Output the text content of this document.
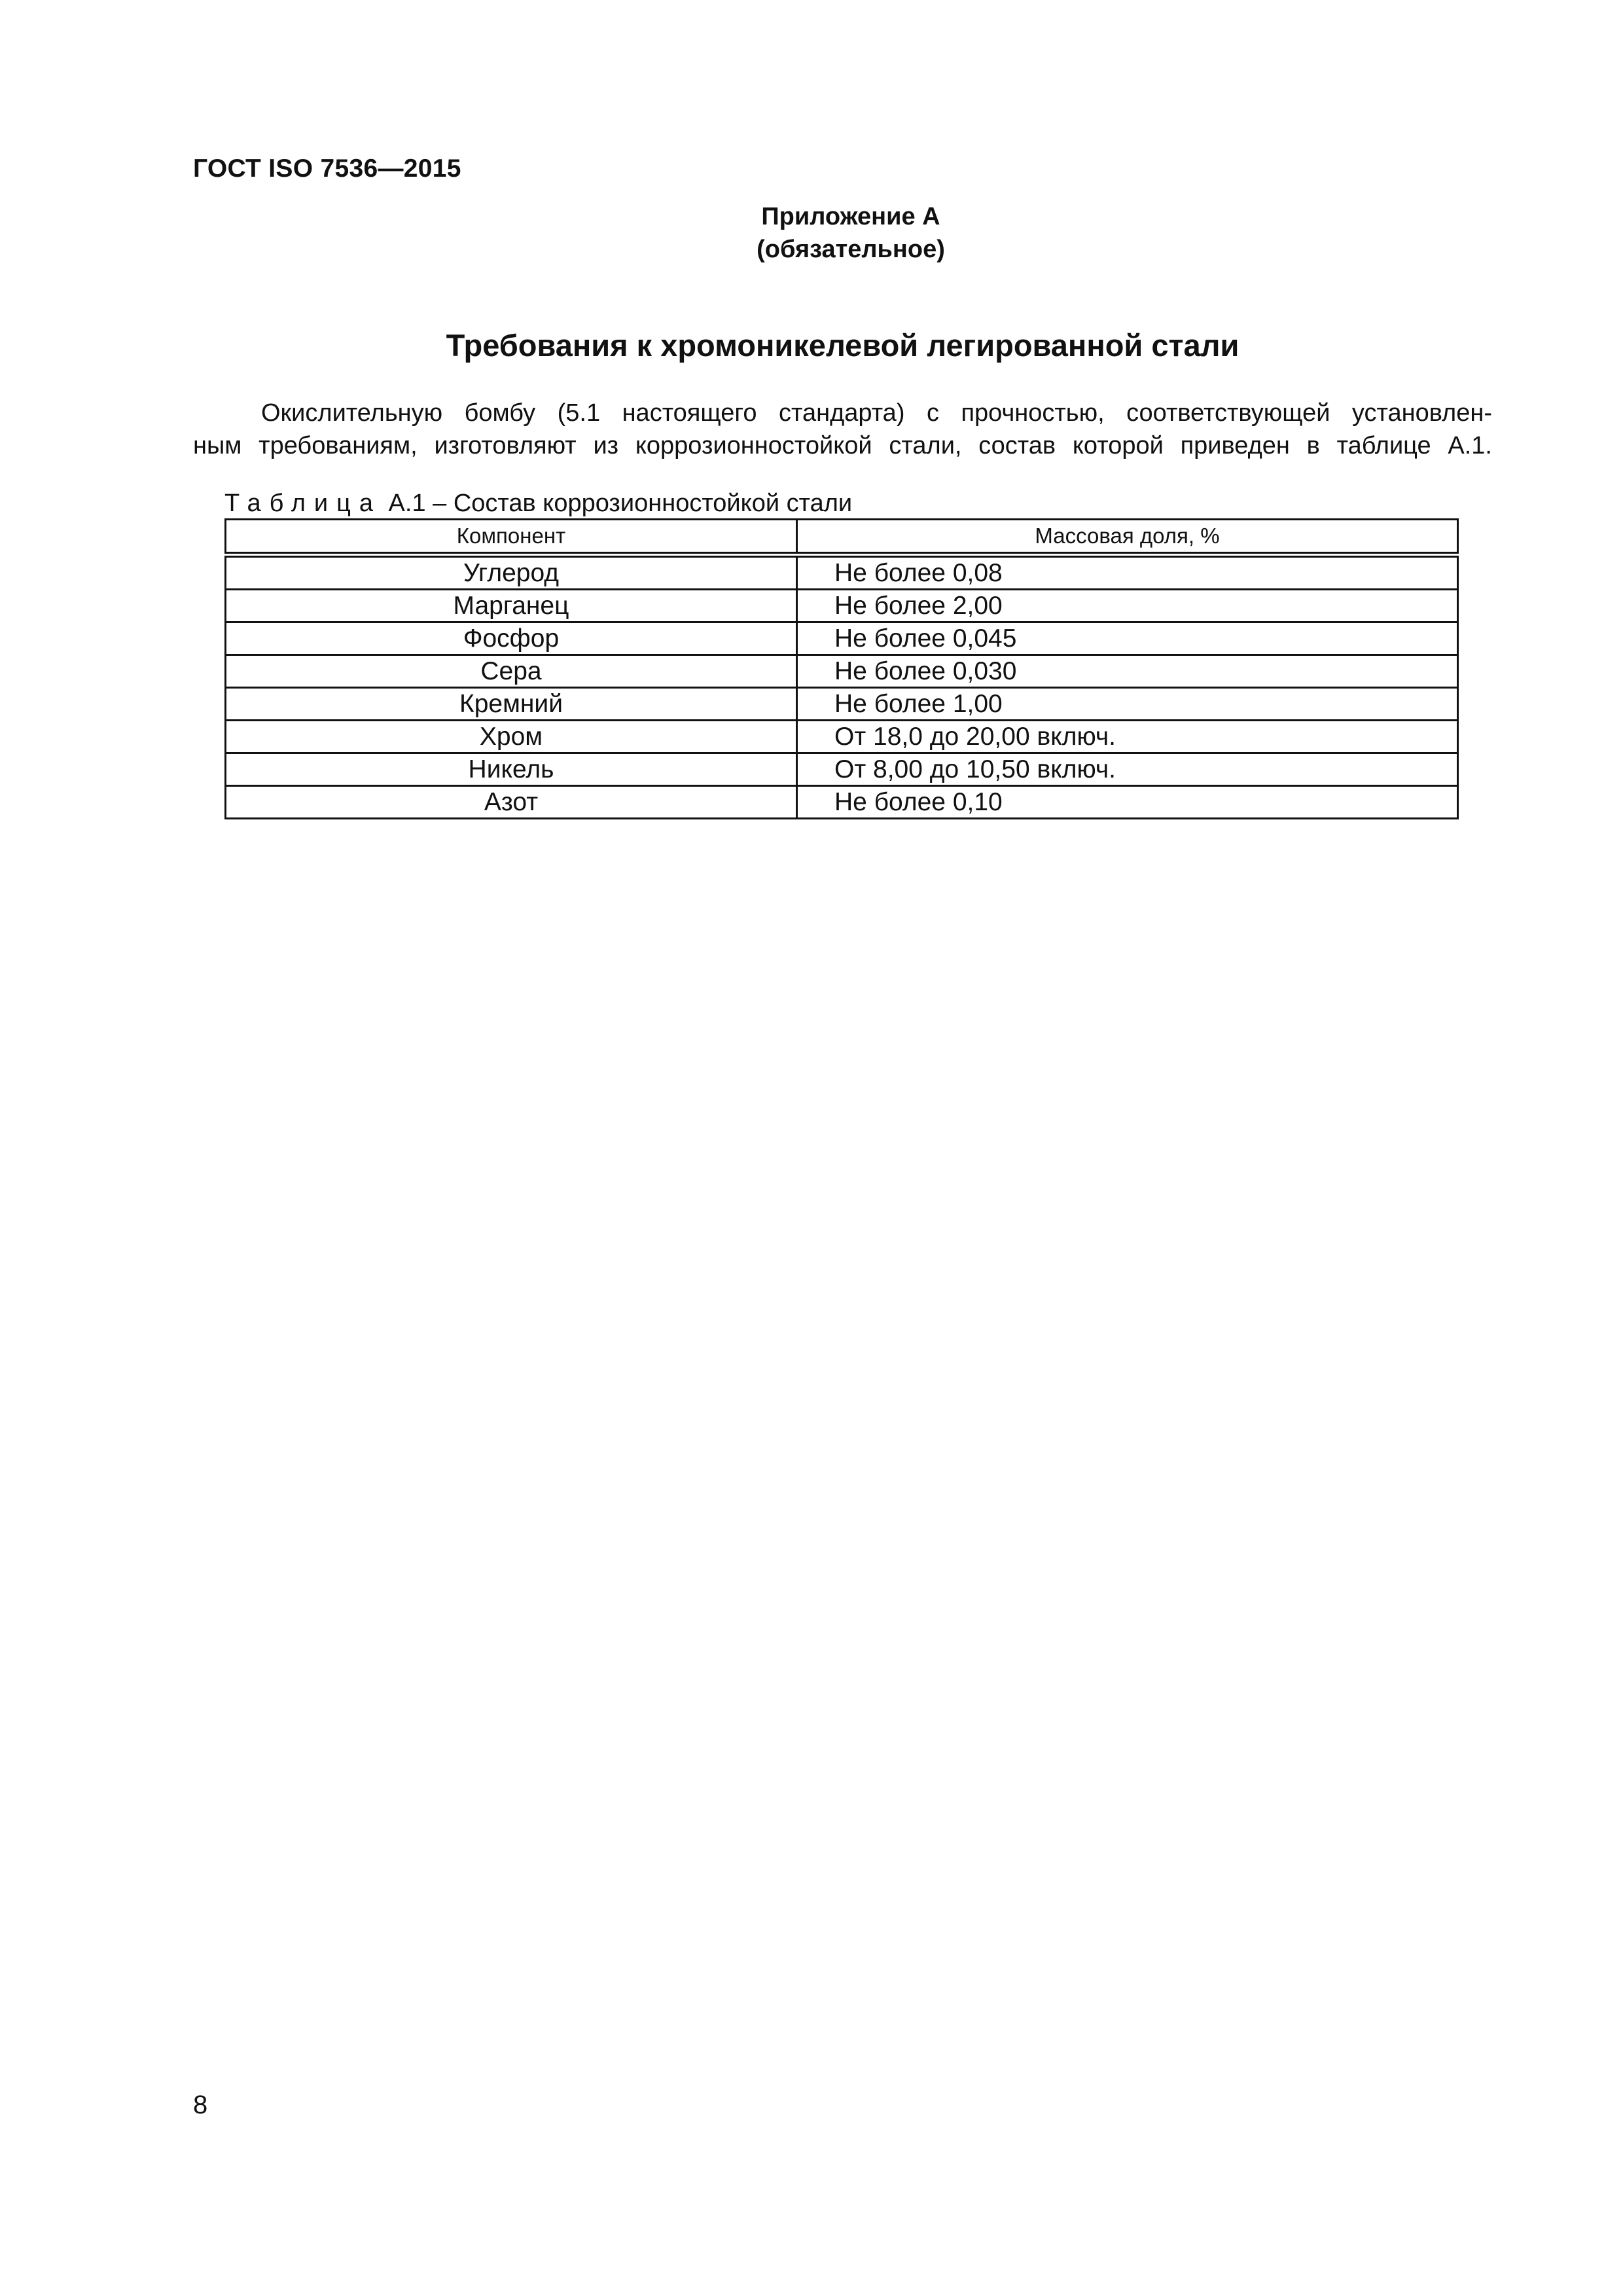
ГОСТ ISO 7536—2015
Приложение А
(обязательное)
Требования к хромоникелевой легированной стали
Окислительную бомбу (5.1 настоящего стандарта) с прочностью, соответствующей установлен-
ным требованиям, изготовляют из коррозионностойкой стали, состав которой приведен в таблице А.1.
Таблица А.1 – Состав коррозионностойкой стали
Компонент	Массовая доля, %
Углерод	Не более 0,08
Марганец	Не более 2,00
Фосфор	Не более 0,045
Сера	Не более 0,030
Кремний	Не более 1,00
Хром	От 18,0 до 20,00 включ.
Никель	От 8,00 до 10,50 включ.
Азот	Не более 0,10
8
